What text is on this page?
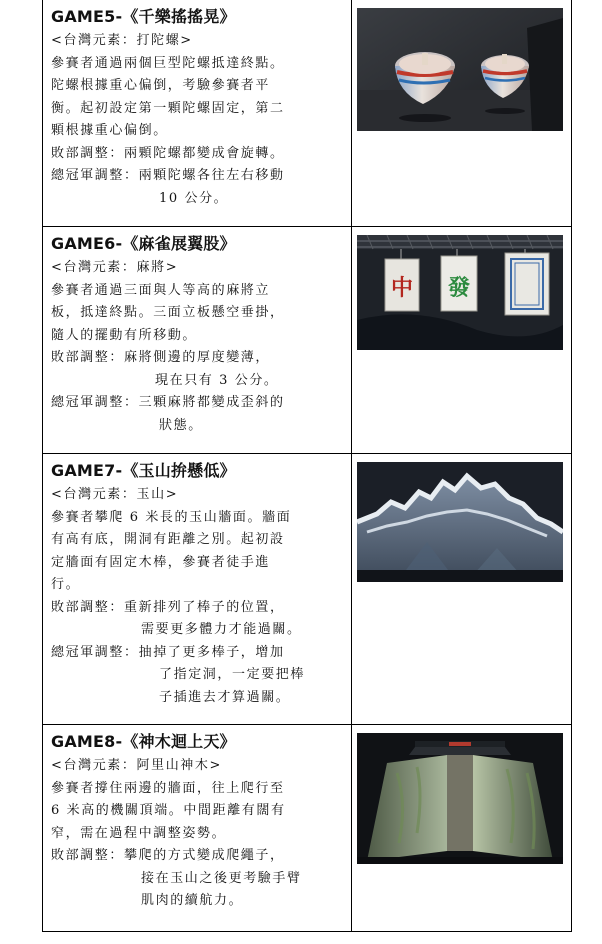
GAME5-《千樂搖搖晃》
<台灣元素：打陀螺>
參賽者通過兩個巨型陀螺抵達終點。
陀螺根據重心偏倒，考驗參賽者平
衡。起初設定第一顆陀螺固定，第二
顆根據重心偏倒。
敗部調整：兩顆陀螺都變成會旋轉。
總冠軍調整：兩顆陀螺各往左右移動
10 公分。
GAME6-《麻雀展翼股》
<台灣元素：麻將>
參賽者通過三面與人等高的麻將立
板，抵達終點。三面立板懸空垂掛，
隨人的擺動有所移動。
敗部調整：麻將側邊的厚度變薄，
現在只有 3 公分。
總冠軍調整：三顆麻將都變成歪斜的
狀態。
中 發
GAME7-《玉山拚懸低》
<台灣元素：玉山>
參賽者攀爬 6 米長的玉山牆面。牆面
有高有底，開洞有距離之別。起初設
定牆面有固定木棒，參賽者徒手進
行。
敗部調整：重新排列了棒子的位置，
需要更多體力才能過關。
總冠軍調整：抽掉了更多棒子，增加
了指定洞，一定要把棒
子插進去才算過關。
GAME8-《神木迴上天》
<台灣元素：阿里山神木>
參賽者撐住兩邊的牆面，往上爬行至
6 米高的機關頂端。中間距離有闊有
窄，需在過程中調整姿勢。
敗部調整：攀爬的方式變成爬繩子，
接在玉山之後更考驗手臂
肌肉的續航力。
